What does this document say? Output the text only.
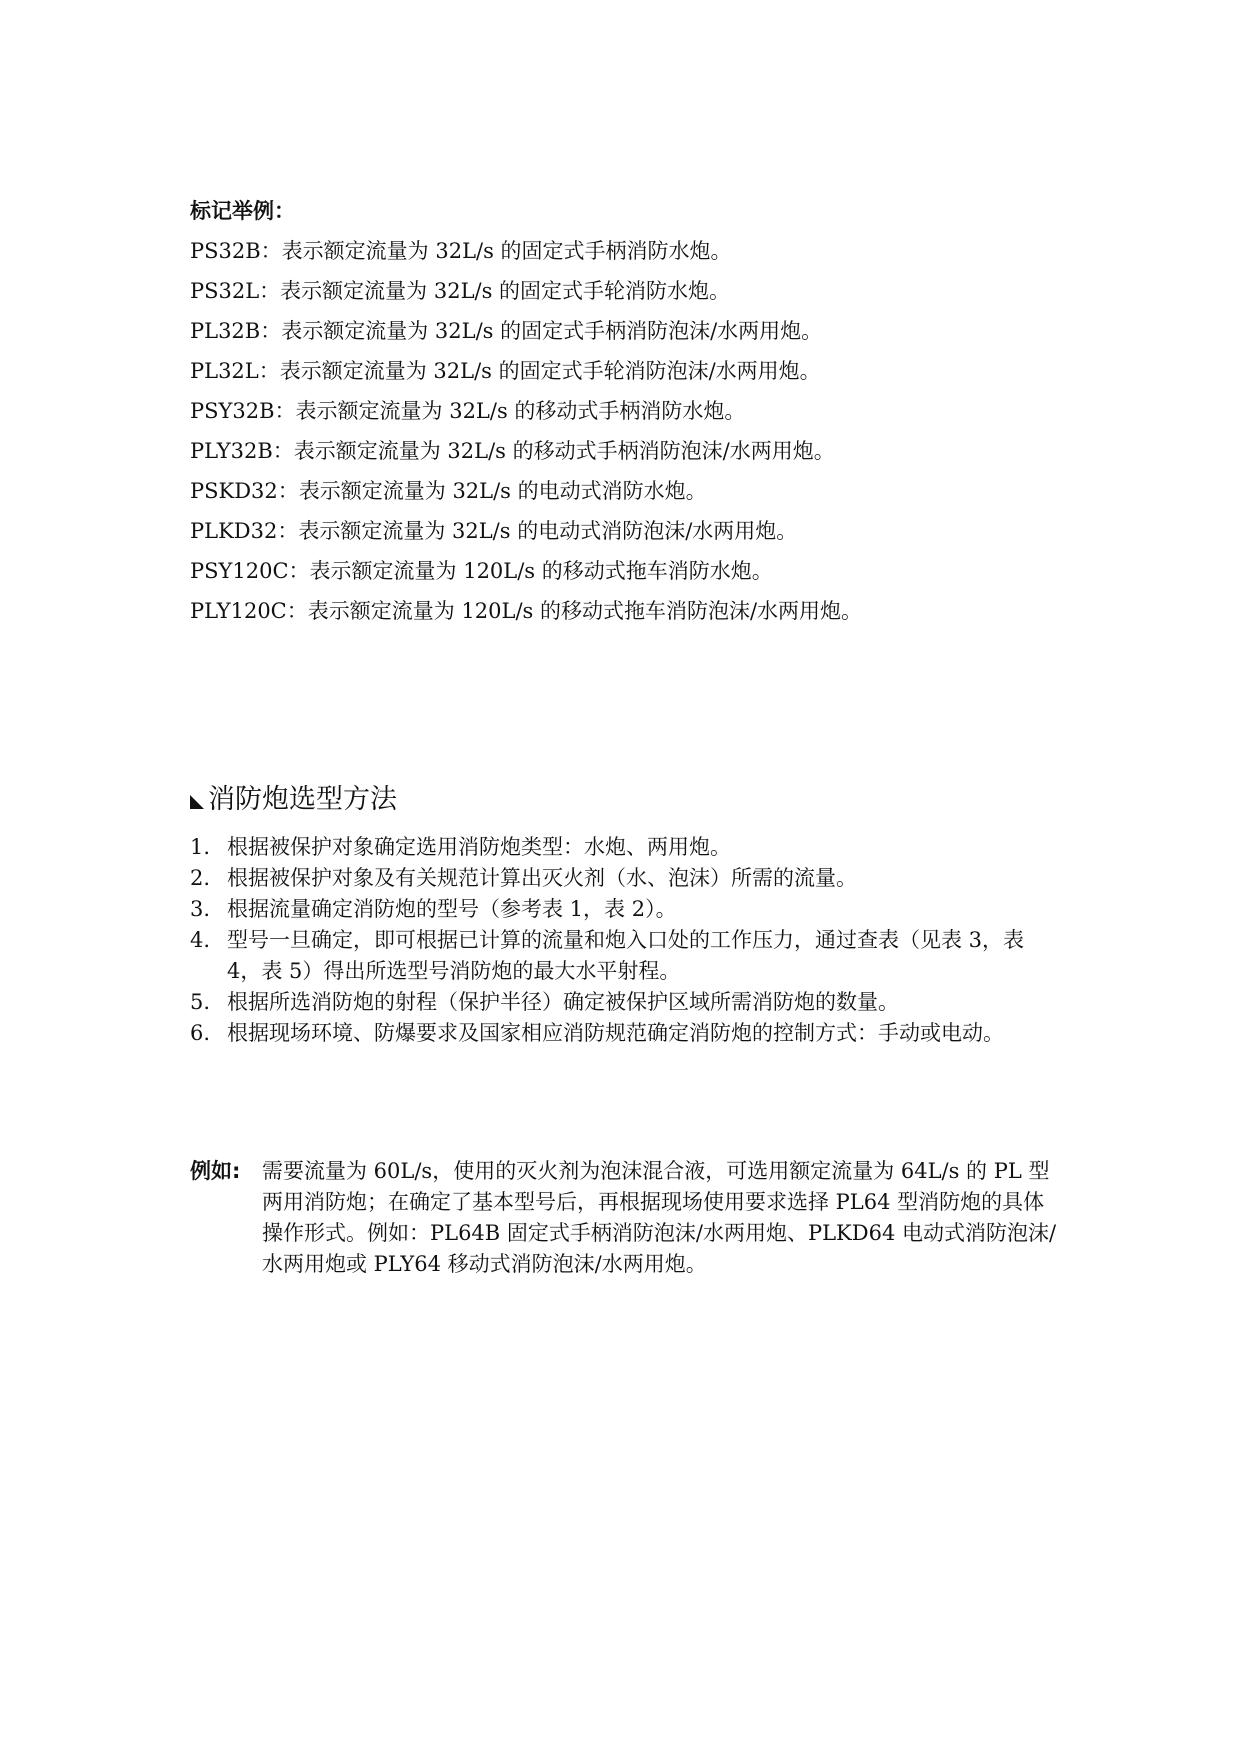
标记举例：
PS32B：表示额定流量为 32L/s 的固定式手柄消防水炮。
PS32L：表示额定流量为 32L/s 的固定式手轮消防水炮。
PL32B：表示额定流量为 32L/s 的固定式手柄消防泡沫/水两用炮。
PL32L：表示额定流量为 32L/s 的固定式手轮消防泡沫/水两用炮。
PSY32B：表示额定流量为 32L/s 的移动式手柄消防水炮。
PLY32B：表示额定流量为 32L/s 的移动式手柄消防泡沫/水两用炮。
PSKD32：表示额定流量为 32L/s 的电动式消防水炮。
PLKD32：表示额定流量为 32L/s 的电动式消防泡沫/水两用炮。
PSY120C：表示额定流量为 120L/s 的移动式拖车消防水炮。
PLY120C：表示额定流量为 120L/s 的移动式拖车消防泡沫/水两用炮。
消防炮选型方法
1. 根据被保护对象确定选用消防炮类型：水炮、两用炮。
2. 根据被保护对象及有关规范计算出灭火剂（水、泡沫）所需的流量。
3. 根据流量确定消防炮的型号（参考表 1，表 2）。
4. 型号一旦确定，即可根据已计算的流量和炮入口处的工作压力，通过查表（见表 3，表 4，表 5）得出所选型号消防炮的最大水平射程。
5. 根据所选消防炮的射程（保护半径）确定被保护区域所需消防炮的数量。
6. 根据现场环境、防爆要求及国家相应消防规范确定消防炮的控制方式：手动或电动。
例如:	需要流量为 60L/s，使用的灭火剂为泡沫混合液，可选用额定流量为 64L/s 的 PL 型两用消防炮；在确定了基本型号后，再根据现场使用要求选择 PL64 型消防炮的具体操作形式。例如：PL64B 固定式手柄消防泡沫/水两用炮、PLKD64 电动式消防泡沫/水两用炮或 PLY64 移动式消防泡沫/水两用炮。
